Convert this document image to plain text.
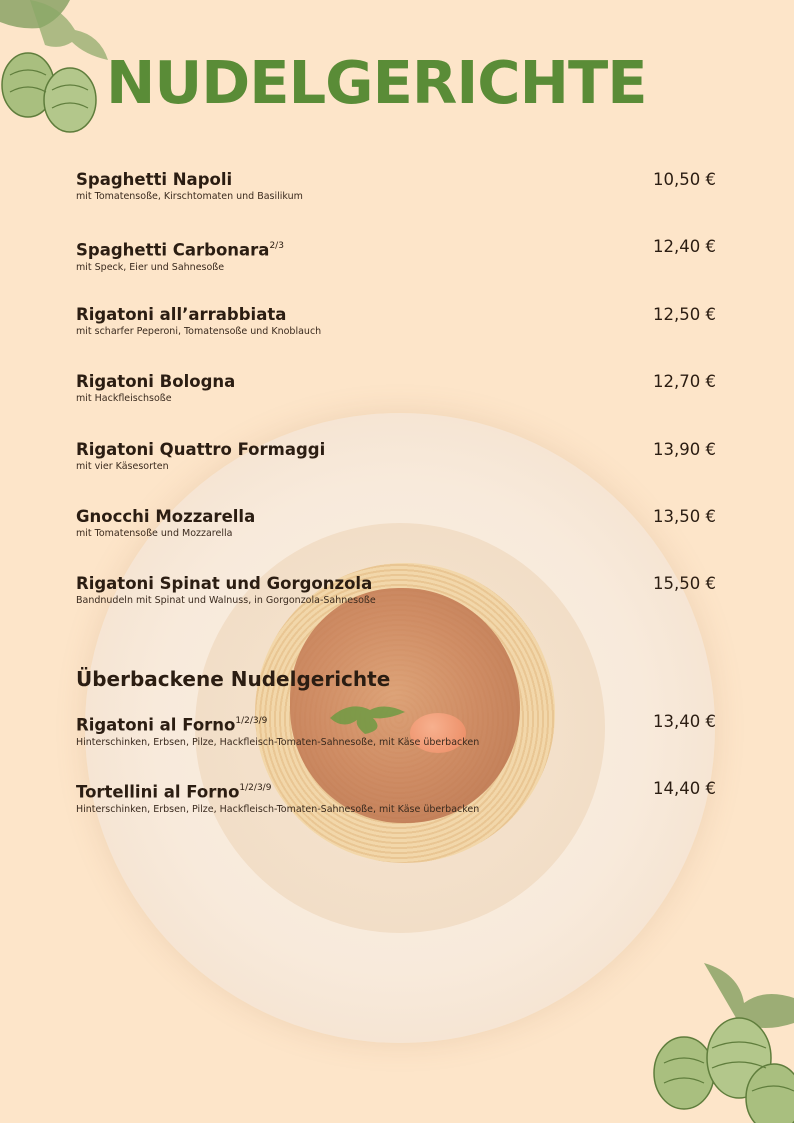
NUDELGERICHTE
Spaghetti Napoli
mit Tomatensoße, Kirschtomaten und Basilikum
10,50 €
Spaghetti Carbonara$^{2/3}$
mit Speck, Eier und Sahnesoße
12,40 €
Rigatoni all’arrabbiata
mit scharfer Peperoni, Tomatensoße und Knoblauch
12,50 €
Rigatoni Bologna
mit Hackfleischsoße
12,70 €
Rigatoni Quattro Formaggi
mit vier Käsesorten
13,90 €
Gnocchi Mozzarella
mit Tomatensoße und Mozzarella
13,50 €
Rigatoni Spinat und Gorgonzola
Bandnudeln mit Spinat und Walnuss, in Gorgonzola-Sahnesoße
15,50 €
Überbackene Nudelgerichte
Rigatoni al Forno$^{1/2/3/9}$
Hinterschinken, Erbsen, Pilze, Hackfleisch-Tomaten-Sahnesoße, mit Käse überbacken
13,40 €
Tortellini al Forno$^{1/2/3/9}$
Hinterschinken, Erbsen, Pilze, Hackfleisch-Tomaten-Sahnesoße, mit Käse überbacken
14,40 €
